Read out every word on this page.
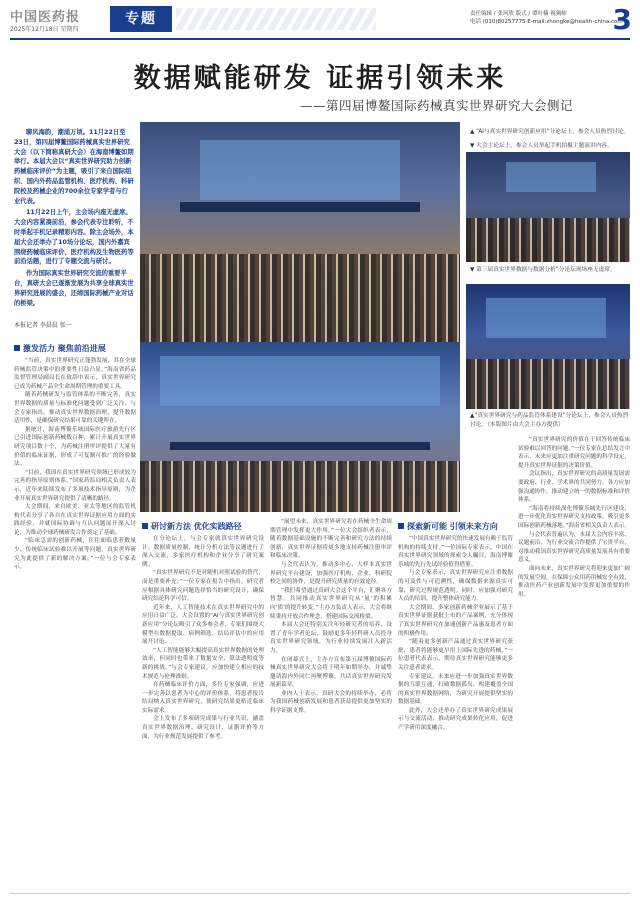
中国医药报
2025年12月18日 星期四
专题	责任编辑 / 张珂欣 版式 / 谭叶楠 视频师
电话 (010)80257775 E-mail:zhongke@health-china.com
3
数据赋能研发 证据引领未来
——第四届博鳌国际药械真实世界研究大会侧记

聊风海韵，潮涌万顷。11月22日至23日，第四届博鳌国际药械真实世界研究大会（以下简称真研大会）在海南博鳌如期举行。本届大会以“真实世界研究助力创新药械临床评价”为主题，吸引了来自国际组织、国内外药品监管机构、医疗机构、科研院校及药械企业的700余位专家学者与行业代表。

11月22日上午，主会场内座无虚席。大会内容紧凑前沿，参会代表专注聆听，不时举起手机记录精彩内容。除主会场外，本届大会还举办了10场分论坛，国内外嘉宾围绕药械临床评价、医疗机构及生物医药等前沿话题，进行了专题交流与研讨。

作为国际真实世界研究交流的重要平台，真研大会已逐渐发展为共享全球真实世界研究进展的盛会，还缔国际药械产业对话的桥梁。

本报记者 李晨晨 张一
▲ “AI与真实世界研究创新应用”分论坛上，参会人员热烈讨论。
▼ 大会主论坛上，参会人员举起手机拍摄主题演讲内容。
▼ 第三届真实世界数据与数据分析”分论坛现场座无虚席。
▲“真实世界研究与药品监管体系建设”分论坛上，参会人员热烈讨论。（本版图片由大会主办方提供）
激发活力 聚焦前沿进展

“当前，真实世界研究正蓬勃发展，其在全球药械监管决策中的重要性日益凸显。”海南省药品监督管理局副局长在致辞中表示，真实世界研究已成为药械产品全生命周期管理的重要工具。

随着药械研发与监管体系的不断完善，真实世界数据的质量与标准化问题受到广泛关注。与会专家指出，推动真实世界数据治理、提升数据适用性，是确保研究结果可靠的关键所在。

据统计，海南博鳌乐城国际医疗旅游先行区已引进国际创新药械数百种，累计开展真实世界研究项目数十个，为药械注册审评提供了大量有价值的临床证据，形成了可复制可推广的经验做法。

“目前，我国在真实世界研究领域已形成较为完善的指导原则体系。”国家药监局相关负责人表示，近年来陆续发布了多项技术指导原则，为企业开展真实世界研究提供了清晰的路径。

大会期间，来自欧美、亚太等地区的监管机构代表分享了各自在真实世界证据应用方面的实践经验，并就国际协调与互认问题展开深入讨论，为推动全球药械研发合作奠定了基础。

“临床急需的创新药械，往往面临患者数量少、传统临床试验难以开展等问题，真实世界研究为此提供了新的解决方案。”一位与会专家表示。

研讨新方法 优化实践路径

在分论坛上，与会专家就真实世界研究设计、数据质量控制、统计分析方法等议题进行了深入交流，多家医疗机构和企业分享了研究案例。

“真实世界研究不是对随机对照试验的替代，而是重要补充。”一位专家在报告中指出，研究者应根据具体研究问题选择恰当的研究设计，确保研究结论科学可信。

近年来，人工智能技术在真实世界研究中的应用日益广泛。大会设置的“AI与真实世界研究创新应用”分论坛吸引了众多参会者，专家们围绕大模型在数据提取、病例筛选、结局评估中的应用展开讨论。

“人工智能能够大幅提高真实世界数据的处理效率，但同时也带来了数据安全、算法透明度等新的挑战。”与会专家建议，应加快建立相应的技术规范与伦理准则。

在药械临床评价方面，多位专家强调，应进一步完善以患者为中心的评价体系，将患者报告结局纳入真实世界研究，使研究结果更贴近临床实际需求。

会上发布了多项研究成果与行业共识，涵盖真实世界数据治理、研究设计、证据评价等方面，为行业规范发展提供了参考。

“展望未来，真实世界研究将在药械全生命周期管理中发挥更大作用。”一位大会组织者表示，随着数据基础设施的不断完善和研究方法的持续创新，真实世界证据将更多地支持药械注册审评和临床决策。

与会代表认为，推动多中心、大样本真实世界研究平台建设，加强医疗机构、企业、科研院校之间的协作，是提升研究质量的有效途径。

“我们希望通过真研大会这个平台，汇聚各方智慧，共同推动真实世界研究从‘量’的积累向‘质’的提升转变。”主办方负责人表示，大会将继续秉持开放合作理念，搭建国际交流桥梁。

本届大会还特别关注年轻研究者的培养，设置了青年学者论坛，鼓励更多年轻科研人员投身真实世界研究领域，为行业持续发展注入新活力。

在闭幕式上，主办方宣布第五届博鳌国际药械真实世界研究大会将于明年如期举办，并诚挚邀请海内外同仁再聚博鳌，共话真实世界研究发展新篇章。

业内人士表示，真研大会的持续举办，必将为我国药械创新发展和患者获益提供更加坚实的科学证据支撑。

探索新可能 引领未来方向

“中国真实世界研究的快速发展有赖于监管机构的持续支持。”一位国际专家表示，中国在真实世界研究领域的探索令人瞩目，海南博鳌乐城的先行先试经验值得借鉴。

与会专家表示，真实世界研究应注重数据的可及性与可追溯性，确保数据来源真实可靠、研究过程规范透明。同时，应加强对研究人员的培训，提升整体研究能力。

大会期间，多家创新药械企业展示了基于真实世界证据获批上市的产品案例，充分体现了真实世界研究在加速创新产品惠及患者方面的积极作用。

“随着更多创新产品通过真实世界研究获批，患者将能够更早用上国际先进的药械。”一位患者代表表示，期待真实世界研究能够更多关注患者需求。

专家建议，未来应进一步加强真实世界数据的互联互通，打破数据孤岛，构建覆盖全国的真实世界数据网络，为研究开展提供坚实的数据基础。

此外，大会还举办了真实世界研究成果展示与交流活动，推动研究成果转化应用，促进产学研用深度融合。

“真实世界研究的价值在于回答传统临床试验难以回答的问题。”一位专家在总结发言中表示，未来应更加注重研究问题的科学设定，提升真实世界证据的决策价值。

会议指出，真实世界研究的高质量发展需要政府、行业、学术界的共同努力。各方应加强沟通协作，推动建立统一的数据标准和评价体系。

“海南将持续深化博鳌乐城先行区建设，进一步优化真实世界研究支持政策，吸引更多国际创新药械落地。”海南省相关负责人表示。

与会代表普遍认为，本届大会内容丰富、议题前沿，为行业交流合作提供了宝贵平台，对推动我国真实世界研究高质量发展具有重要意义。

面向未来，真实世界研究将迎来更加广阔的发展空间，在保障公众用药用械安全有效、推动医药产业创新发展中发挥更加重要的作用。
